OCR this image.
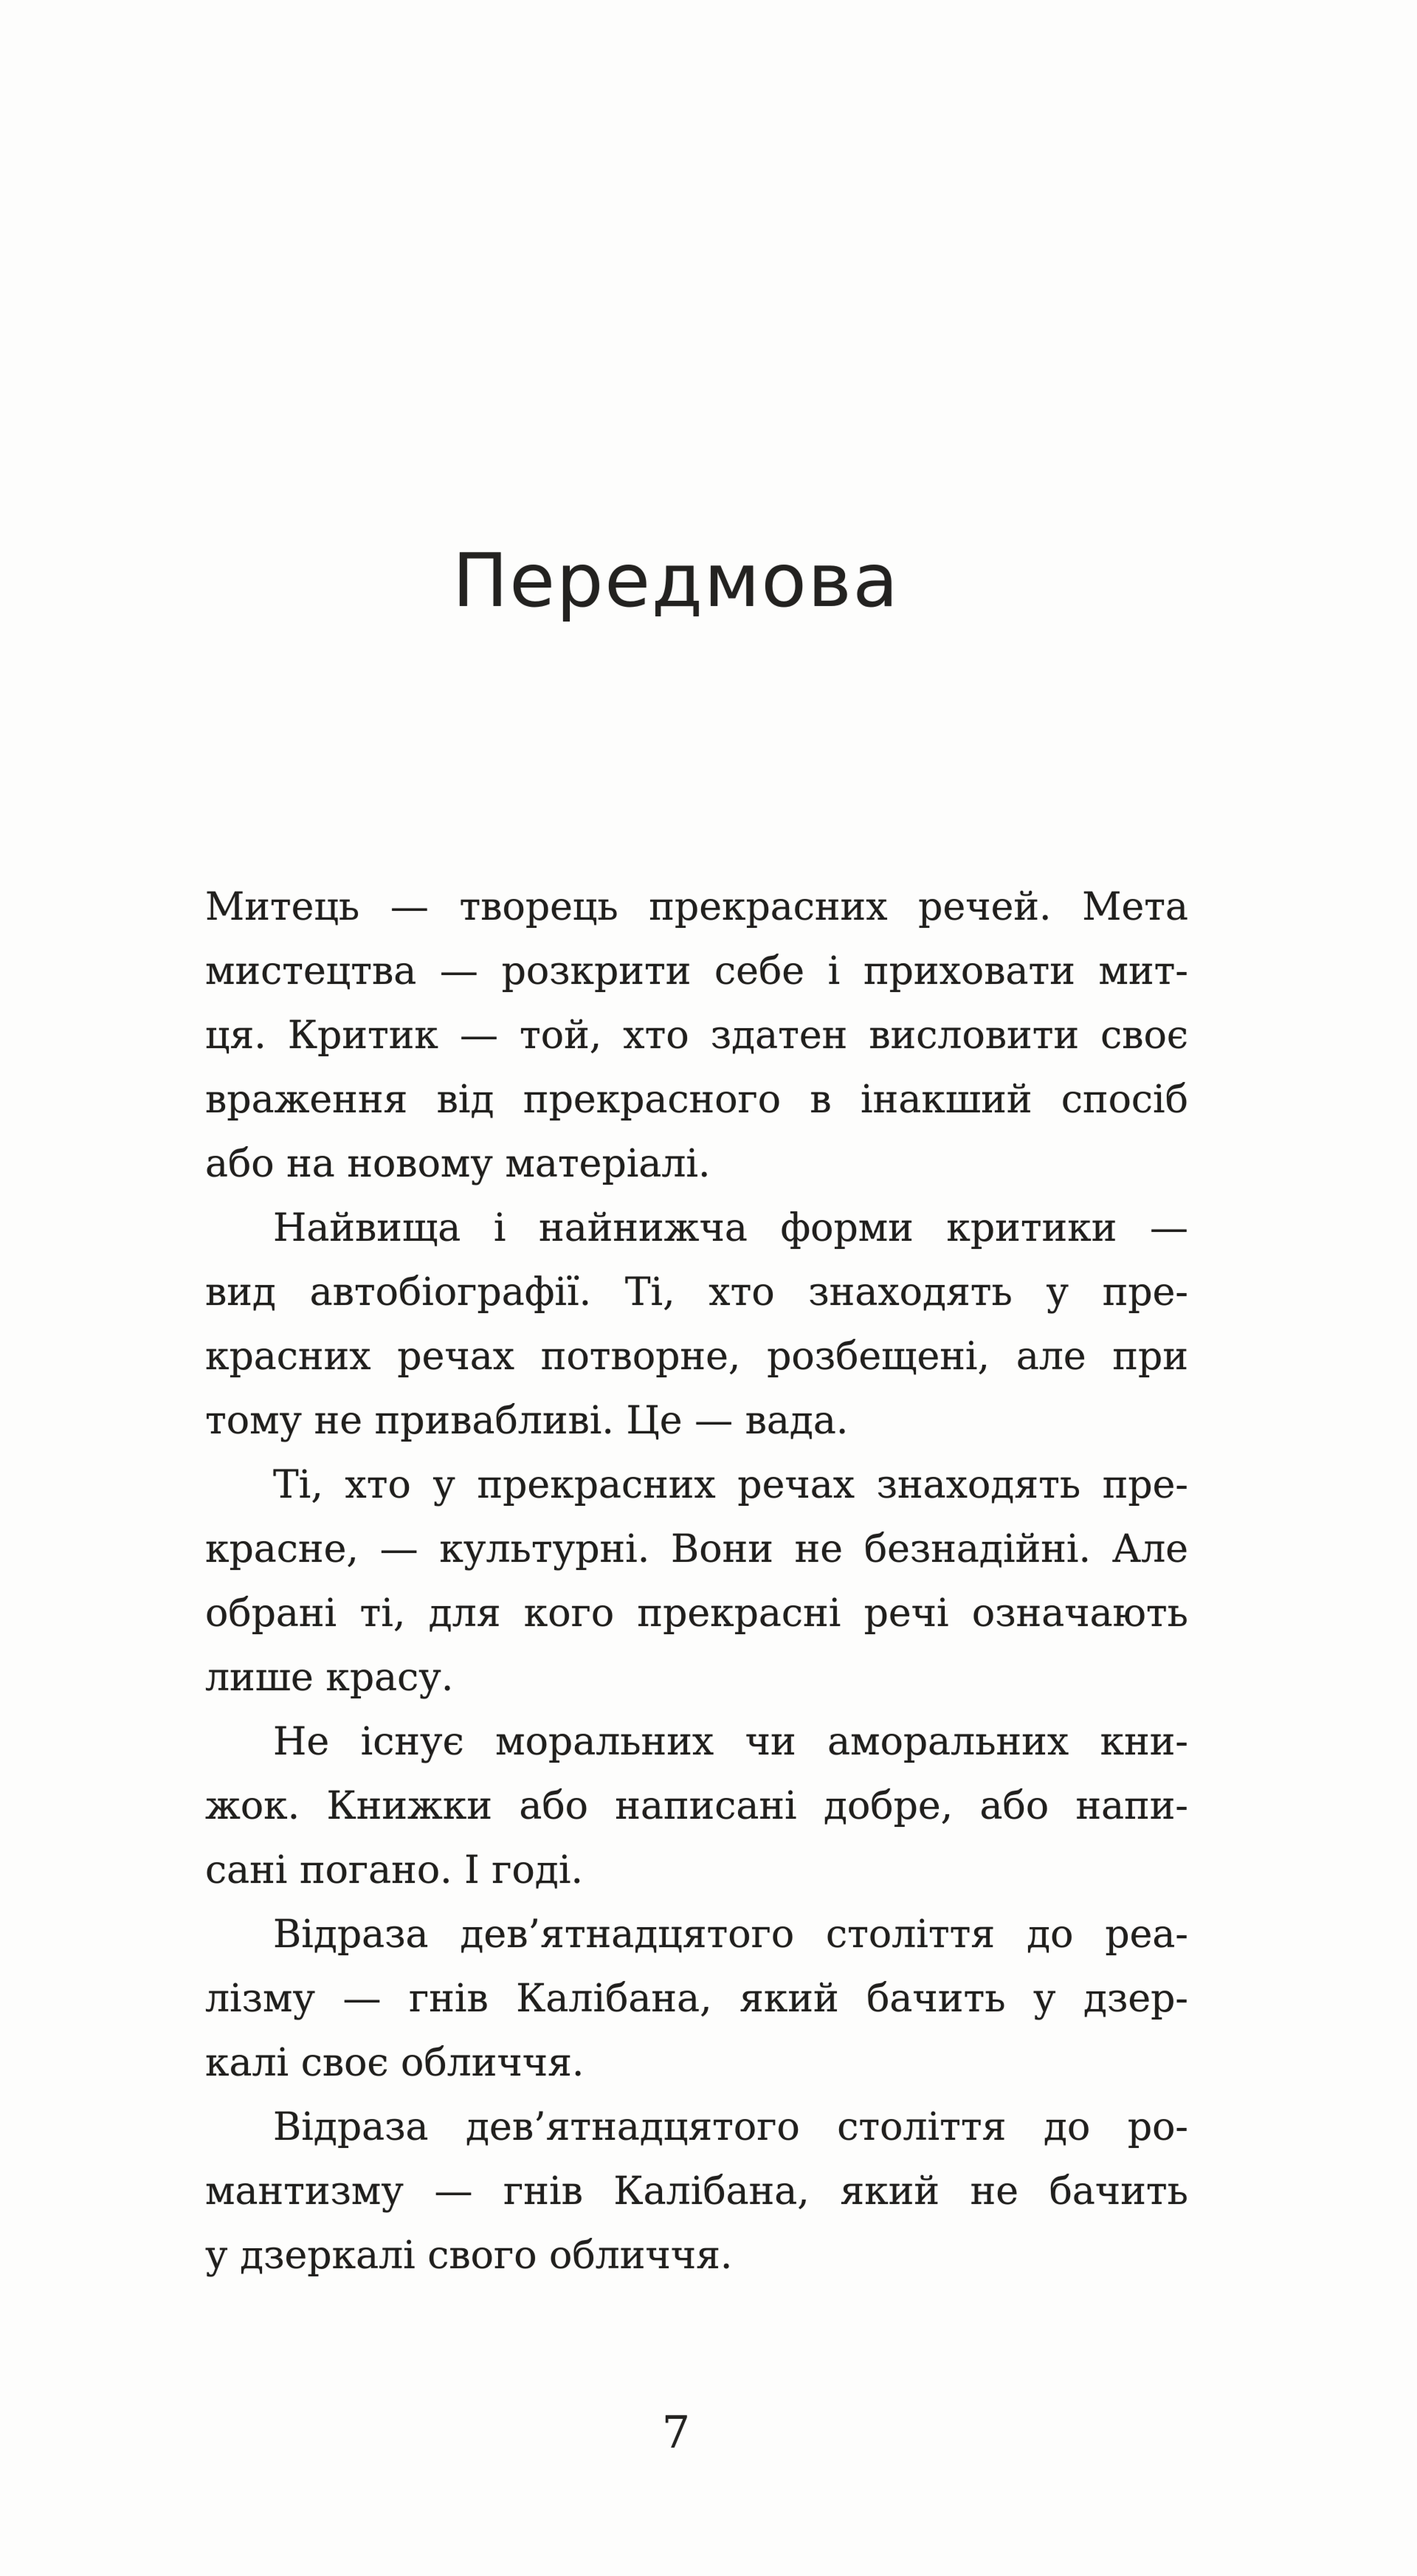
Передмова
Митець — творець прекрасних речей. Мета
мистецтва — розкрити себе і приховати мит-
ця. Критик — той, хто здатен висловити своє
враження від прекрасного в інакший спосіб
або на новому матеріалі.
Найвища і найнижча форми критики —
вид автобіографії. Ті, хто знаходять у пре-
красних речах потворне, розбещені, але при
тому не привабливі. Це — вада.
Ті, хто у прекрасних речах знаходять пре-
красне, — культурні. Вони не безнадійні. Але
обрані ті, для кого прекрасні речі означають
лише красу.
Не існує моральних чи аморальних кни-
жок. Книжки або написані добре, або напи-
сані погано. І годі.
Відраза дев’ятнадцятого століття до реа-
лізму — гнів Калібана, який бачить у дзер-
калі своє обличчя.
Відраза дев’ятнадцятого століття до ро-
мантизму — гнів Калібана, який не бачить
у дзеркалі свого обличчя.
7
